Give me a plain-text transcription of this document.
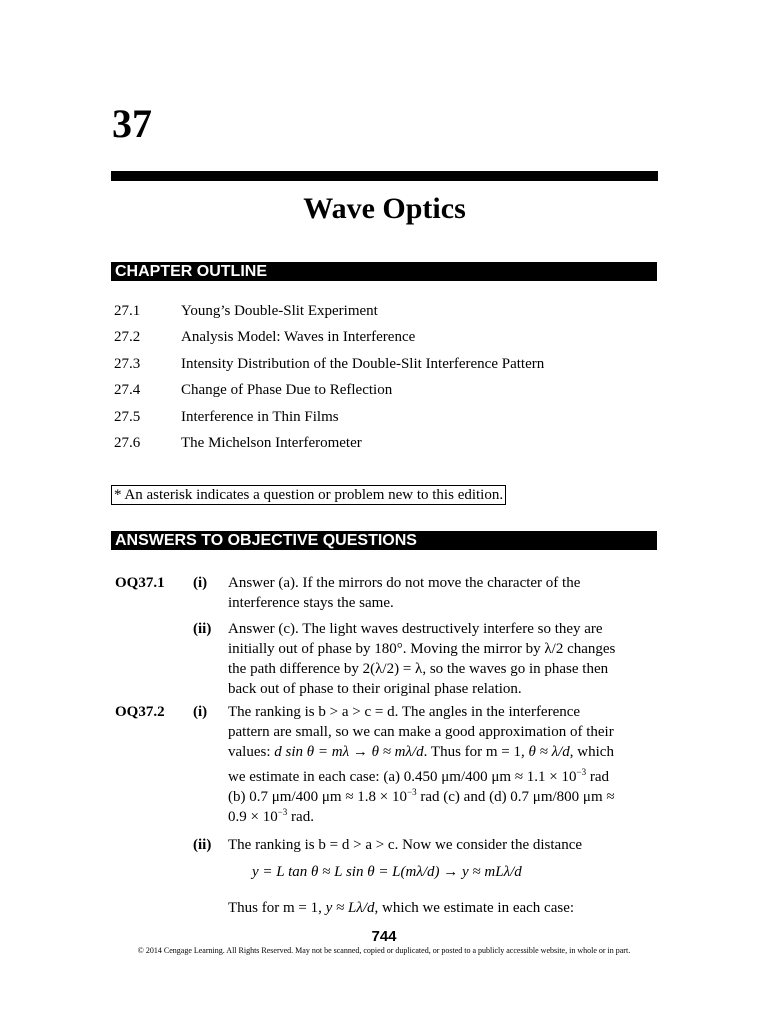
37
Wave Optics
CHAPTER OUTLINE
27.1	Young’s Double-Slit Experiment
27.2	Analysis Model: Waves in Interference
27.3	Intensity Distribution of the Double-Slit Interference Pattern
27.4	Change of Phase Due to Reflection
27.5	Interference in Thin Films
27.6	The Michelson Interferometer
* An asterisk indicates a question or problem new to this edition.
ANSWERS TO OBJECTIVE QUESTIONS
OQ37.1 (i) Answer (a). If the mirrors do not move the character of the
interference stays the same.
(ii) Answer (c). The light waves destructively interfere so they are
initially out of phase by 180°. Moving the mirror by λ/2 changes
the path difference by 2(λ/2) = λ, so the waves go in phase then
back out of phase to their original phase relation.
OQ37.2 (i) The ranking is b > a > c = d. The angles in the interference
pattern are small, so we can make a good approximation of their
values: d sin θ = mλ → θ ≈ mλ/d. Thus for m = 1, θ ≈ λ/d, which
we estimate in each case: (a) 0.450 μm/400 $\mu m \approx 1.1 \times 10^{-3}$ rad
(b) 0.7 μm/400 $\mu m \approx 1.8 \times 10^{-3}$ rad (c) and (d) 0.7 μm/800 μm ≈
$0.9 \times 10^{-3}$ rad.
(ii) The ranking is b = d > a > c. Now we consider the distance
y = L tan θ ≈ L sin θ = L(mλ/d) → y ≈ mLλ/d
Thus for m = 1, y ≈ Lλ/d, which we estimate in each case:
744
© 2014 Cengage Learning. All Rights Reserved. May not be scanned, copied or duplicated, or posted to a publicly accessible website, in whole or in part.
